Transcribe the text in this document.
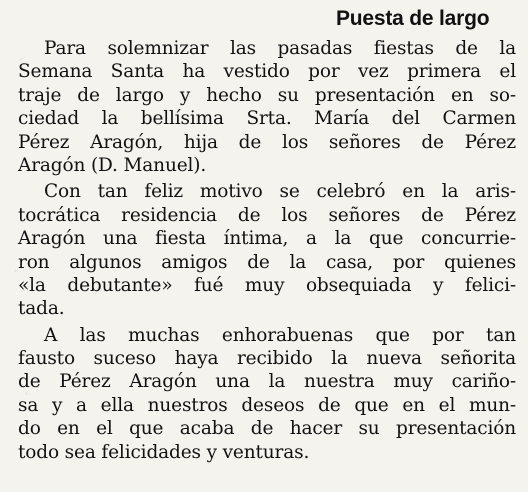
Puesta de largo
Para solemnizar las pasadas fiestas de la
Semana Santa ha vestido por vez primera el
traje de largo y hecho su presentación en so-
ciedad la bellísima Srta. María del Carmen
Pérez Aragón, hija de los señores de Pérez
Aragón (D. Manuel).
Con tan feliz motivo se celebró en la aris-
tocrática residencia de los señores de Pérez
Aragón una fiesta íntima, a la que concurrie-
ron algunos amigos de la casa, por quienes
«la debutante» fué muy obsequiada y felici-
tada.
A las muchas enhorabuenas que por tan
fausto suceso haya recibido la nueva señorita
de Pérez Aragón una la nuestra muy cariño-
sa y a ella nuestros deseos de que en el mun-
do en el que acaba de hacer su presentación
todo sea felicidades y venturas.
